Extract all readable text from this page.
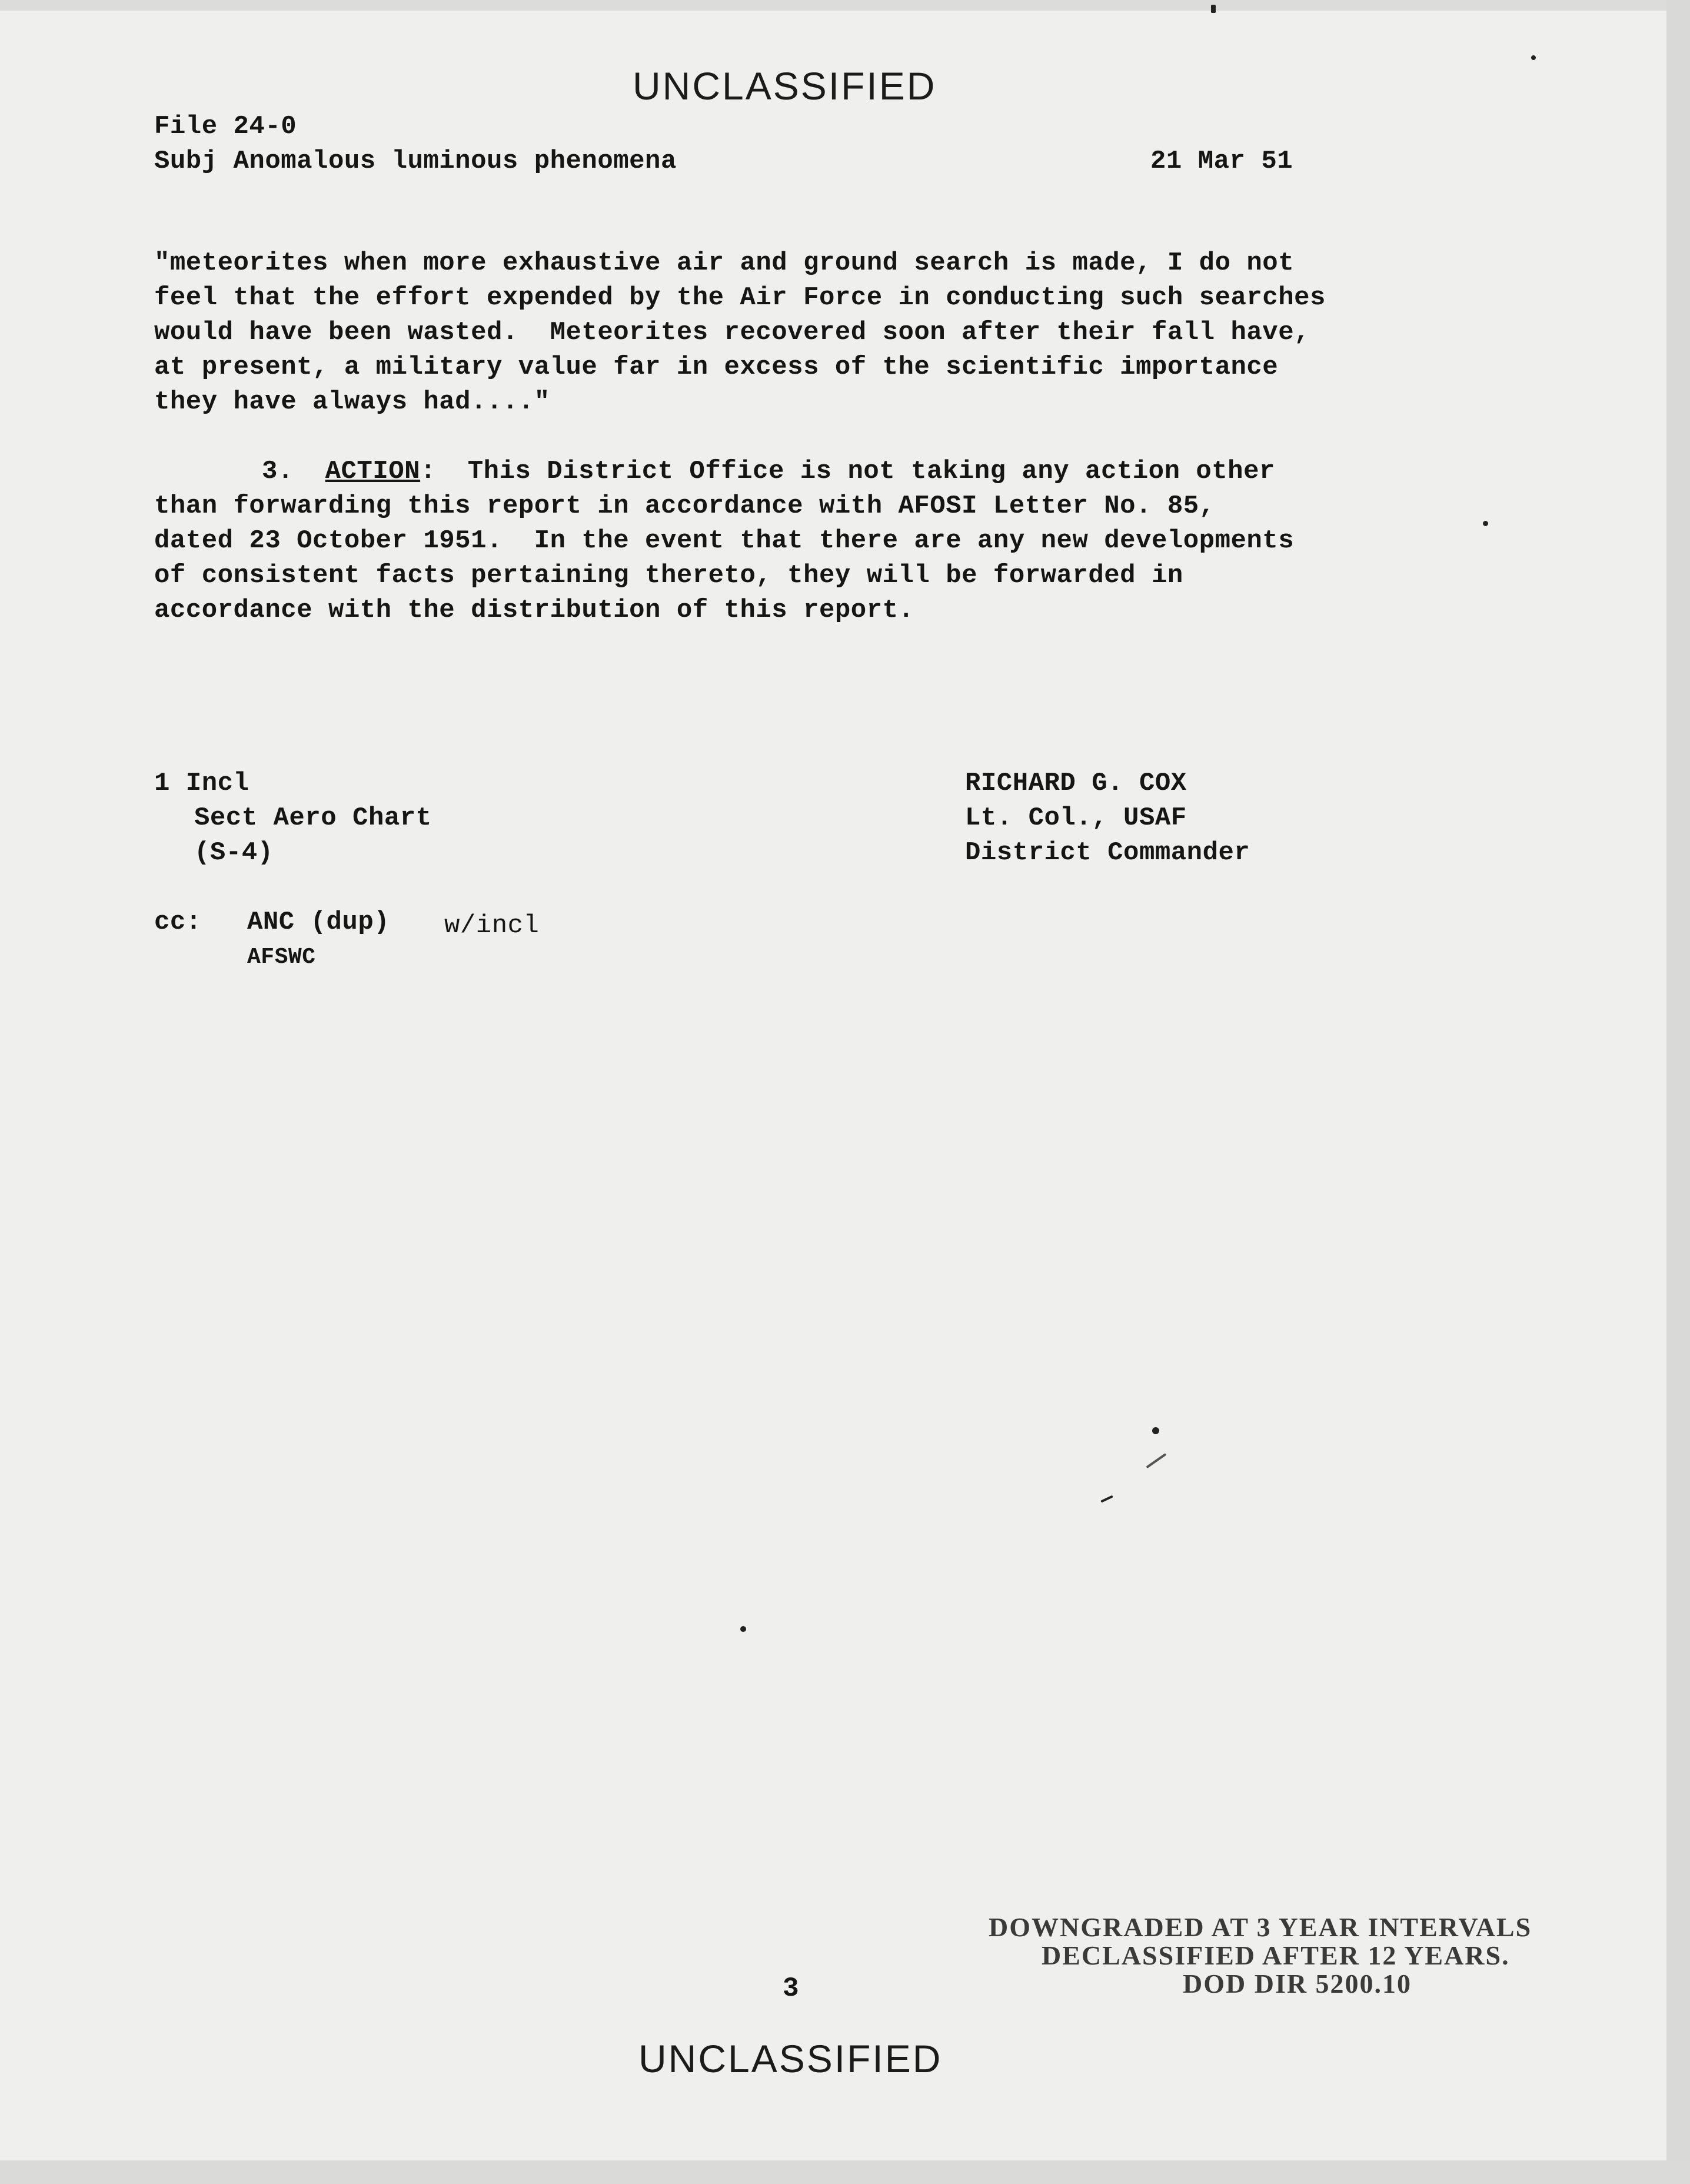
UNCLASSIFIED
File 24-0
Subj Anomalous luminous phenomena	21 Mar 51
"meteorites when more exhaustive air and ground search is made, I do not
feel that the effort expended by the Air Force in conducting such searches
would have been wasted.  Meteorites recovered soon after their fall have,
at present, a military value far in excess of the scientific importance
they have always had...."
3. ACTION:  This District Office is not taking any action other
than forwarding this report in accordance with AFOSI Letter No. 85,
dated 23 October 1951.  In the event that there are any new developments
of consistent facts pertaining thereto, they will be forwarded in
accordance with the distribution of this report.
1 Incl
Sect Aero Chart
(S-4)
RICHARD G. COX
Lt. Col., USAF
District Commander
cc: ANC (dup) w/incl
AFSWC
DOWNGRADED AT 3 YEAR INTERVALS
DECLASSIFIED AFTER 12 YEARS.
DOD DIR 5200.10
3
UNCLASSIFIED
